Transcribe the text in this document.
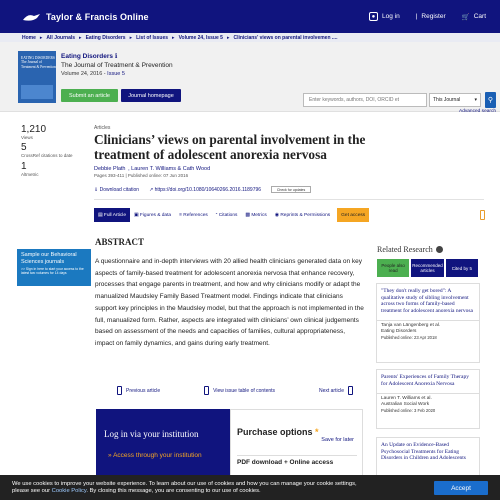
Taylor & Francis Online	●	Log in | Register 🛒 Cart
Home ▸ All Journals ▸ Eating Disorders ▸ List of Issues ▸ Volume 24, Issue 5 ▸ Clinicians' views on parental involvemen ....
EATING DISORDERS
The Journal of Treatment & Prevention
Eating Disorders ℹ
The Journal of Treatment & Prevention
Volume 24, 2016 - Issue 5
Submit an article	Journal homepage
Enter keywords, authors, DOI, ORCID et
This Journal	▾ ⚲
Advanced search
1,210
Views
5
CrossRef citations to date
1
Altmetric
Articles
Clinicians’ views on parental involvement in the treatment of adolescent anorexia nervosa
Debbie Plath  , Lauren T. Williams & Cath Wood
Pages 393-411 | Published online: 07 Jun 2016
⇓ Download citation ↗ https://doi.org/10.1080/10640266.2016.1189796	Check for updates
▤
Full Article ▣
Figures & data ≡
References “
Citations ▩
Metrics ◉
Reprints & Permissions	Get access
Sample our Behavioral Sciences journals
>> Sign in here to start your access to the latest two volumes for 14 days
ABSTRACT
A questionnaire and in-depth interviews with 20 allied health clinicians generated data on key aspects of family-based treatment for adolescent anorexia nervosa that enhance recovery, processes that engage parents in treatment, and how and why clinicians modify or adapt the manualized Maudsley Family Based Treatment model. Findings indicate that clinicians support key principles in the Maudsley model, but that the approach is not implemented in the full, manualized form. Rather, aspects are integrated with clinicians’ own clinical judgements based on assessment of the needs and capacities of families, cultural appropriateness, impact on family dynamics, and gains during early treatment.
Previous article	View issue table of contents	Next article
Log in via your institution
» Access through your institution
Purchase options *
Save for later
PDF download + Online access
Related Research
People also read
Recommended articles	Cited by 5
"They don't really get bored": A qualitative study of sibling involvement across two forms of family-based treatment for adolescent anorexia nervosa
Tanja van Längenberg et al.
Eating Disorders
Published online: 23 Apr 2018
Parents' Experiences of Family Therapy for Adolescent Anorexia Nervosa
Lauren T. Williams et al.
Australian Social Work
Published online: 3 Feb 2020
An Update on Evidence-Based Psychosocial Treatments for Eating Disorders in Children and Adolescents
We use cookies to improve your website experience. To learn about our use of cookies and how you can manage your cookie settings,
please see our Cookie Policy. By closing this message, you are consenting to our use of cookies.	Accept
